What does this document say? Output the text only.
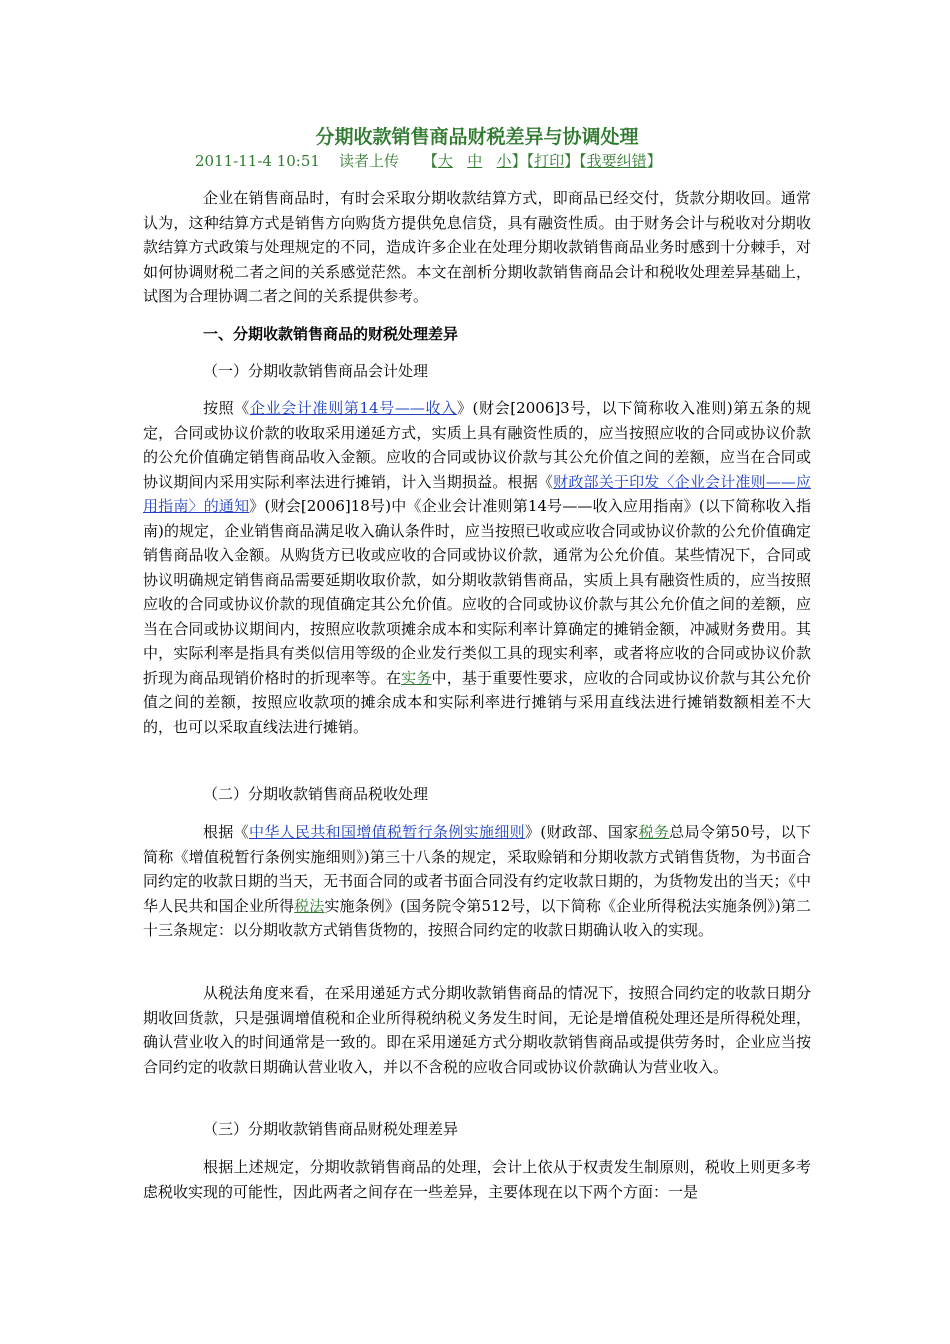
分期收款销售商品财税差异与协调处理
2011-11-4 10:51 读者上传 【大 中 小】【打印】【我要纠错】
企业在销售商品时，有时会采取分期收款结算方式，即商品已经交付，货款分期收回。通常认为，这种结算方式是销售方向购货方提供免息信贷，具有融资性质。由于财务会计与税收对分期收款结算方式政策与处理规定的不同，造成许多企业在处理分期收款销售商品业务时感到十分棘手，对如何协调财税二者之间的关系感觉茫然。本文在剖析分期收款销售商品会计和税收处理差异基础上，试图为合理协调二者之间的关系提供参考。
一、分期收款销售商品的财税处理差异
（一）分期收款销售商品会计处理
按照《企业会计准则第14号——收入》(财会[2006]3号，以下简称收入准则)第五条的规定，合同或协议价款的收取采用递延方式，实质上具有融资性质的，应当按照应收的合同或协议价款的公允价值确定销售商品收入金额。应收的合同或协议价款与其公允价值之间的差额，应当在合同或协议期间内采用实际利率法进行摊销，计入当期损益。根据《财政部关于印发〈企业会计准则——应用指南〉的通知》(财会[2006]18号)中《企业会计准则第14号——收入应用指南》(以下简称收入指南)的规定，企业销售商品满足收入确认条件时，应当按照已收或应收合同或协议价款的公允价值确定销售商品收入金额。从购货方已收或应收的合同或协议价款，通常为公允价值。某些情况下，合同或协议明确规定销售商品需要延期收取价款，如分期收款销售商品，实质上具有融资性质的，应当按照应收的合同或协议价款的现值确定其公允价值。应收的合同或协议价款与其公允价值之间的差额，应当在合同或协议期间内，按照应收款项摊余成本和实际利率计算确定的摊销金额，冲减财务费用。其中，实际利率是指具有类似信用等级的企业发行类似工具的现实利率，或者将应收的合同或协议价款折现为商品现销价格时的折现率等。在实务中，基于重要性要求，应收的合同或协议价款与其公允价值之间的差额，按照应收款项的摊余成本和实际利率进行摊销与采用直线法进行摊销数额相差不大的，也可以采取直线法进行摊销。
（二）分期收款销售商品税收处理
根据《中华人民共和国增值税暂行条例实施细则》(财政部、国家税务总局令第50号，以下简称《增值税暂行条例实施细则》)第三十八条的规定，采取赊销和分期收款方式销售货物，为书面合同约定的收款日期的当天，无书面合同的或者书面合同没有约定收款日期的，为货物发出的当天；《中华人民共和国企业所得税法实施条例》(国务院令第512号，以下简称《企业所得税法实施条例》)第二十三条规定：以分期收款方式销售货物的，按照合同约定的收款日期确认收入的实现。
从税法角度来看，在采用递延方式分期收款销售商品的情况下，按照合同约定的收款日期分期收回货款，只是强调增值税和企业所得税纳税义务发生时间，无论是增值税处理还是所得税处理，确认营业收入的时间通常是一致的。即在采用递延方式分期收款销售商品或提供劳务时，企业应当按合同约定的收款日期确认营业收入，并以不含税的应收合同或协议价款确认为营业收入。
（三）分期收款销售商品财税处理差异
根据上述规定，分期收款销售商品的处理，会计上依从于权责发生制原则，税收上则更多考虑税收实现的可能性，因此两者之间存在一些差异，主要体现在以下两个方面：一是
